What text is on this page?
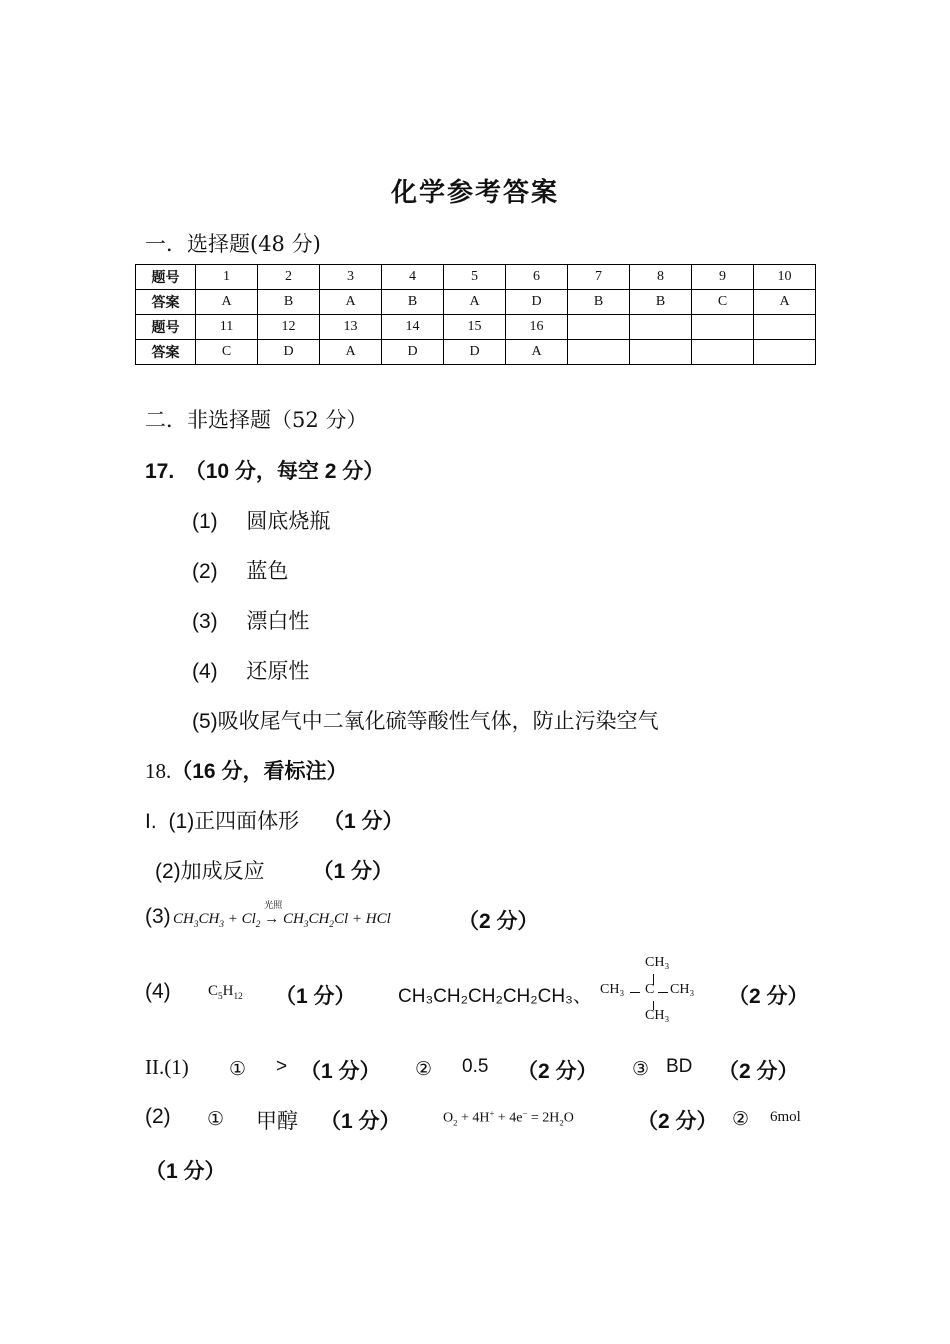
化学参考答案
一．选择题(48 分)
题号	1	2	3	4	5	6	7	8	9	10
答案	A	B	A	B	A	D	B	B	C	A
题号	11	12	13	14	15	16				
答案	C	D	A	D	D	A				
二．非选择题（52 分）
17.　（10 分，每空 2 分）
(1) 圆底烧瓶
(2) 蓝色
(3) 漂白性
(4) 还原性
(5)吸收尾气中二氧化硫等酸性气体，防止污染空气
18.（16 分，看标注）
I. (1)正四面体形 （1 分）
(2)加成反应 （1 分）
(3) $CH_3CH_3 + Cl_2$
光照
→ $CH_3CH_2Cl$ + HCl	（2 分）
(4) $C_5H_{12}$ （1 分） CH₃CH₂CH₂CH₂CH₃、
CH₃
CH₃ C CH₃
CH₃
（2 分）
II.(1) ① > （1 分） ② 0.5 （2 分） ③ BD （2 分）
(2) ① 甲醇 （1 分）	$O_2 + 4H^+ + 4e^- = 2H_2O$	（2 分） ② 6mol
（1 分）
